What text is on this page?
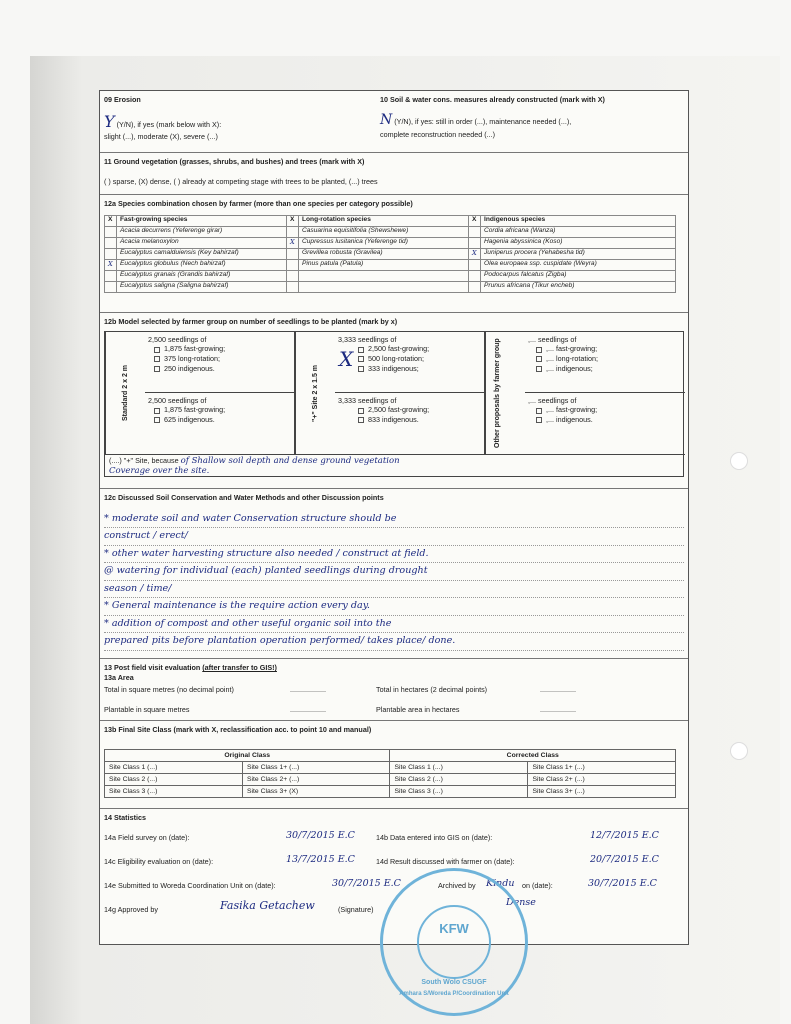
09 Erosion
Y (Y/N), if yes (mark below with X):
slight (...), moderate (X), severe (...)
10 Soil & water cons. measures already constructed (mark with X)
N (Y/N), if yes: still in order (...), maintenance needed (...),
complete reconstruction needed (...)
11 Ground vegetation (grasses, shrubs, and bushes) and trees (mark with X)
( ) sparse, (X) dense, ( ) already at competing stage with trees to be planted, (...) trees
12a Species combination chosen by farmer (more than one species per category possible)
X	Fast-growing species	X	Long-rotation species	X	Indigenous species
	Acacia decurrens (Yeferenge girar)		Casuarina equisitifolia (Shewshewe)		Cordia africana (Wanza)
	Acacia melanoxylon	X	Cupressus lusitanica (Yeferenge tid)		Hagenia abyssinica (Koso)
	Eucalyptus camalduiensis (Key bahirzaf)		Grevillea robusta (Gravilea)	X	Juniperus procera (Yehabesha tid)
X	Eucalyptus globulus (Nech bahirzaf)		Pinus patula (Patula)		Olea europaea ssp. cuspidate (Weyra)
	Eucalyptus granais (Grandis bahirzaf)				Podocarpus falcatus (Zigba)
	Eucalyptus saligna (Saligna bahirzaf)				Prunus africana (Tikur encheb)
12b Model selected by farmer group on number of seedlings to be planted (mark by x)
Standard 2 x 2 m
2,500 seedlings of
1,875 fast-growing;
375 long-rotation;
250 indigenous.
2,500 seedlings of
1,875 fast-growing;
625 indigenous.	"+" Site 2 x 1.5 m
3,333 seedlings of
X	2,500 fast-growing;
500 long-rotation;
333 indigenous;
3,333 seedlings of
2,500 fast-growing;
833 indigenous.	Other proposals by farmer group	,... seedlings of
,... fast-growing;
,... long-rotation;
,... indigenous;
,... seedlings of
,... fast-growing;
,... indigenous.
(....) "+" Site, because of Shallow soil depth and dense ground vegetation
Coverage over the site.
12c Discussed Soil Conservation and Water Methods and other Discussion points
* moderate soil and water Conservation structure should be
construct / erect/
* other water harvesting structure also needed / construct at field.
@ watering for individual (each) planted seedlings during drought
season / time/
* General maintenance is the require action every day.
* addition of compost and other useful organic soil into the
prepared pits before plantation operation performed/ takes place/ done.
13 Post field visit evaluation (after transfer to GIS!)
13a Area
Total in square metres (no decimal point)	..................	Total in hectares (2 decimal points)	..................
Plantable in square metres	..................	Plantable area in hectares	..................
13b Final Site Class (mark with X, reclassification acc. to point 10 and manual)
Original Class		Corrected Class	
Site Class 1 (...)	Site Class 1+ (...)	Site Class 1 (...)	Site Class 1+ (...)
Site Class 2 (...)	Site Class 2+ (...)	Site Class 2 (...)	Site Class 2+ (...)
Site Class 3 (...)	Site Class 3+ (X)	Site Class 3 (...)	Site Class 3+ (...)
14 Statistics
14a Field survey on (date):	30/7/2015 E.C	14b Data entered into GIS on (date):	12/7/2015 E.C
14c Eligibility evaluation on (date):	13/7/2015 E.C	14d Result discussed with farmer on (date):	20/7/2015 E.C
14e Submitted to Woreda Coordination Unit on (date):	30/7/2015 E.C	Archived by Kindu on (date):	30/7/2015 E.C
14g Approved by	Fasika Getachew	(Signature)
Dense
KFW
South Wolo CSUGF
Amhara S/Woreda P/Coordination Unit
